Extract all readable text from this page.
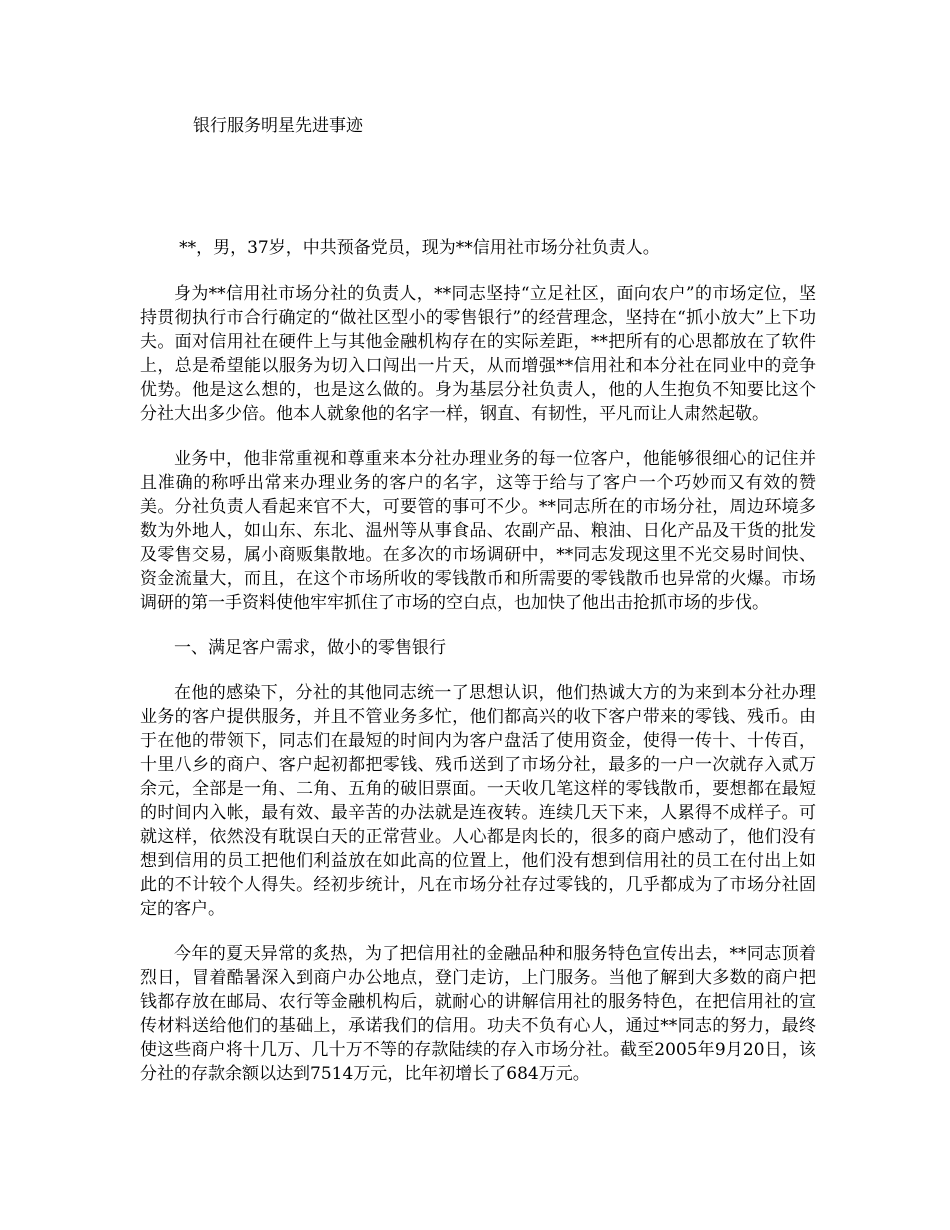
银行服务明星先进事迹

**，男，37岁，中共预备党员，现为**信用社市场分社负责人。

身为**信用社市场分社的负责人，**同志坚持“立足社区，面向农户”的市场定位，坚持贯彻执行市合行确定的“做社区型小的零售银行”的经营理念，坚持在“抓小放大”上下功夫。面对信用社在硬件上与其他金融机构存在的实际差距，**把所有的心思都放在了软件上，总是希望能以服务为切入口闯出一片天，从而增强**信用社和本分社在同业中的竞争优势。他是这么想的，也是这么做的。身为基层分社负责人，他的人生抱负不知要比这个分社大出多少倍。他本人就象他的名字一样，钢直、有韧性，平凡而让人肃然起敬。

业务中，他非常重视和尊重来本分社办理业务的每一位客户，他能够很细心的记住并且准确的称呼出常来办理业务的客户的名字，这等于给与了客户一个巧妙而又有效的赞美。分社负责人看起来官不大，可要管的事可不少。**同志所在的市场分社，周边环境多数为外地人，如山东、东北、温州等从事食品、农副产品、粮油、日化产品及干货的批发及零售交易，属小商贩集散地。在多次的市场调研中，**同志发现这里不光交易时间快、资金流量大，而且，在这个市场所收的零钱散币和所需要的零钱散币也异常的火爆。市场调研的第一手资料使他牢牢抓住了市场的空白点，也加快了他出击抢抓市场的步伐。

一、满足客户需求，做小的零售银行

在他的感染下，分社的其他同志统一了思想认识，他们热诚大方的为来到本分社办理业务的客户提供服务，并且不管业务多忙，他们都高兴的收下客户带来的零钱、残币。由于在他的带领下，同志们在最短的时间内为客户盘活了使用资金，使得一传十、十传百，十里八乡的商户、客户起初都把零钱、残币送到了市场分社，最多的一户一次就存入贰万余元，全部是一角、二角、五角的破旧票面。一天收几笔这样的零钱散币，要想都在最短的时间内入帐，最有效、最辛苦的办法就是连夜转。连续几天下来，人累得不成样子。可就这样，依然没有耽误白天的正常营业。人心都是肉长的，很多的商户感动了，他们没有想到信用的员工把他们利益放在如此高的位置上，他们没有想到信用社的员工在付出上如此的不计较个人得失。经初步统计，凡在市场分社存过零钱的，几乎都成为了市场分社固定的客户。

今年的夏天异常的炙热，为了把信用社的金融品种和服务特色宣传出去，**同志顶着烈日，冒着酷暑深入到商户办公地点，登门走访，上门服务。当他了解到大多数的商户把钱都存放在邮局、农行等金融机构后，就耐心的讲解信用社的服务特色，在把信用社的宣传材料送给他们的基础上，承诺我们的信用。功夫不负有心人，通过**同志的努力，最终使这些商户将十几万、几十万不等的存款陆续的存入市场分社。截至2005年9月20日，该分社的存款余额以达到7514万元，比年初增长了684万元。
